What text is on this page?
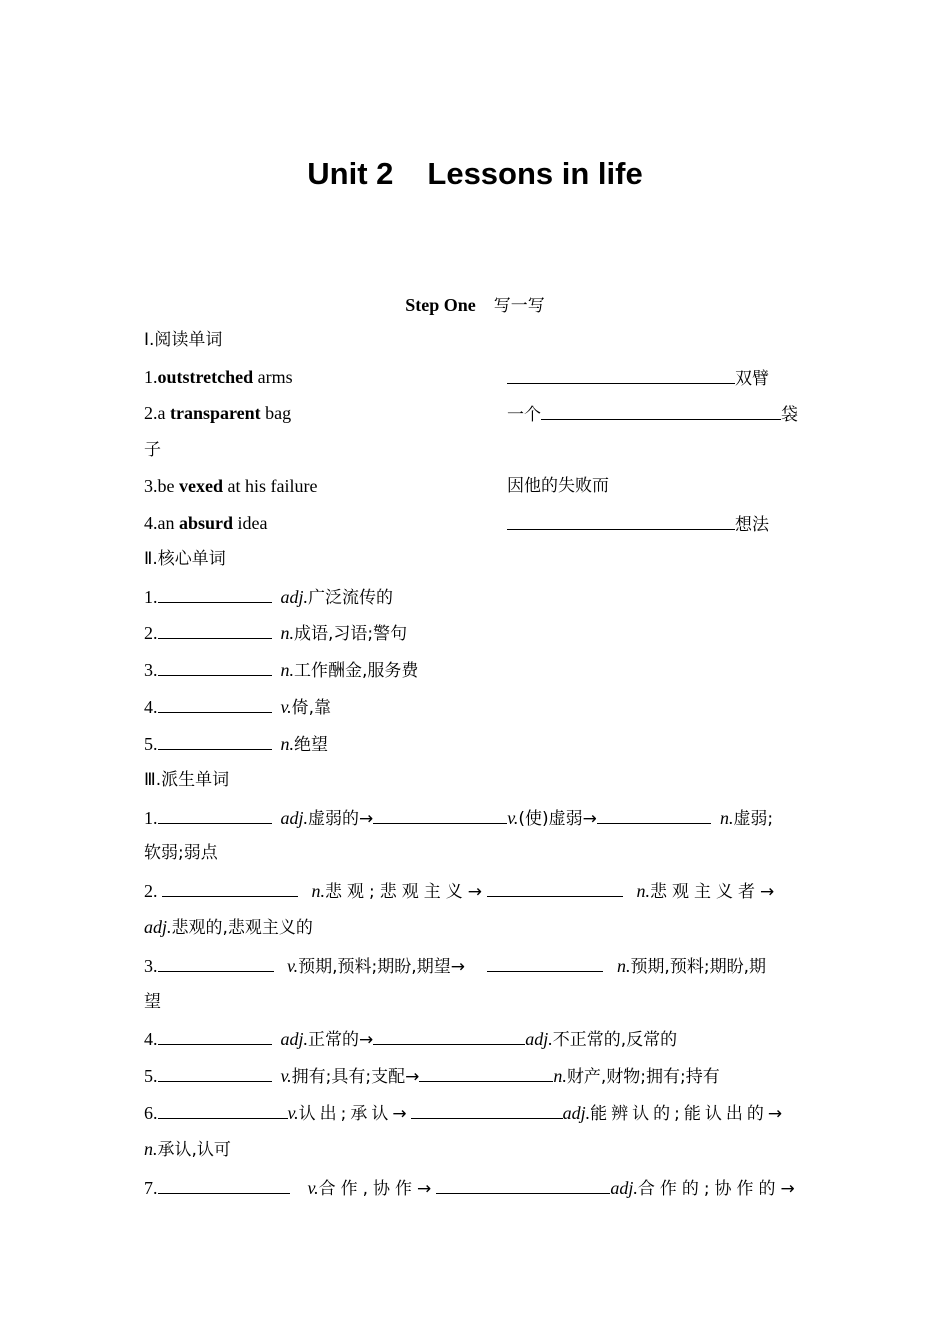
Unit 2 Lessons in life
Step One 写一写
Ⅰ.阅读单词
1.outstretched arms	双臂
2.a transparent bag	一个	袋
子
3.be vexed at his failure	因他的失败而
4.an absurd idea	想法
Ⅱ.核心单词
1.	adj.广泛流传的
2.	n.成语,习语;警句
3.	n.工作酬金,服务费
4.	v.倚,靠
5.	n.绝望
Ⅲ.派生单词
1.	adj.虚弱的→	v.(使)虚弱→	n.虚弱;
软弱;弱点
2.	n.悲观;悲观主义→	n.悲观主义者→
adj.悲观的,悲观主义的
3.	v.预期,预料;期盼,期望→	n.预期,预料;期盼,期
望
4.	adj.正常的→	adj.不正常的,反常的
5.	v.拥有;具有;支配→	n.财产,财物;拥有;持有
6.	v.认出;承认→	adj.能辨认的;能认出的→
n.承认,认可
7.	v.合作,协作→	adj.合作的;协作的→
